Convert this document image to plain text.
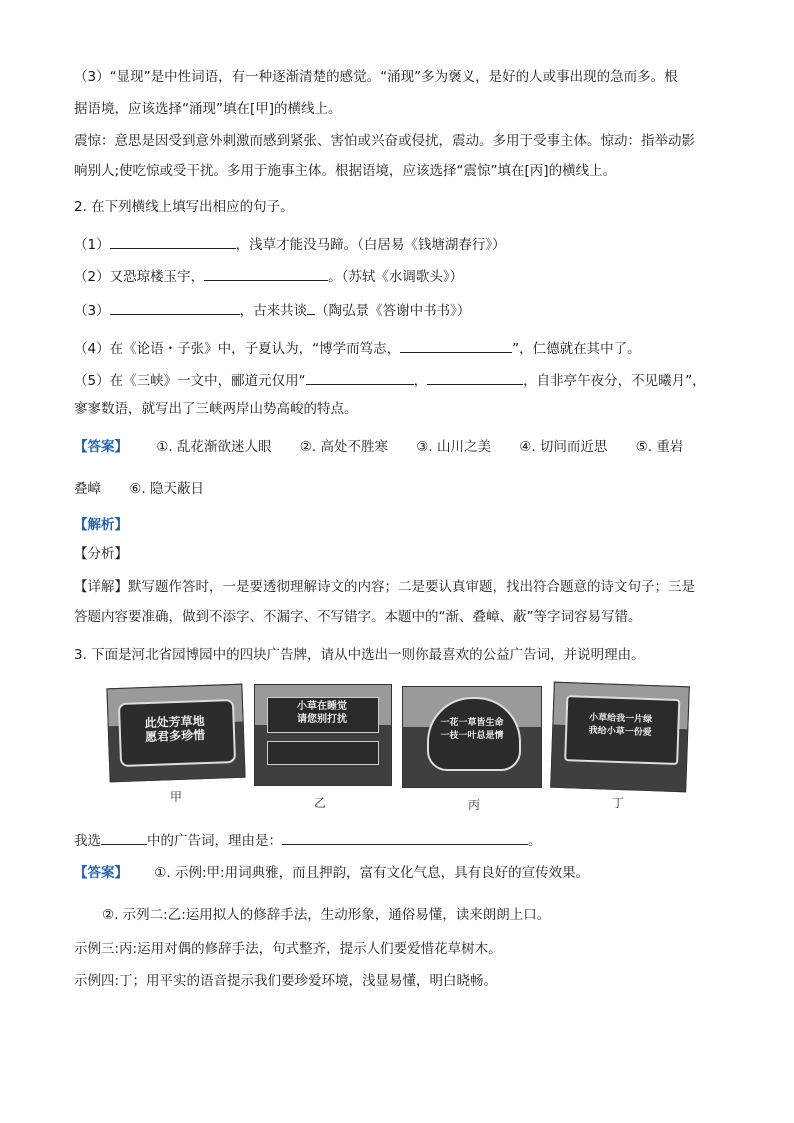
（3）“显现”是中性词语，有一种逐渐清楚的感觉。“涌现”多为褒义，是好的人或事出现的急而多。根
据语境，应该选择“涌现”填在[甲]的横线上。
震惊：意思是因受到意外刺激而感到紧张、害怕或兴奋或侵扰，震动。多用于受事主体。惊动：指举动影
响别人;使吃惊或受干扰。多用于施事主体。根据语境，应该选择“震惊”填在[丙]的横线上。
2. 在下列横线上填写出相应的句子。
（1）	，浅草才能没马蹄。（白居易《钱塘湖春行》）
（2）又恐琼楼玉宇，	。（苏轼《水调歌头》）
（3）	，古来共谈 （陶弘景《答谢中书书》）
（4）在《论语・子张》中，子夏认为，“博学而笃志，	”，仁德就在其中了。
（5）在《三峡》一文中，郦道元仅用“	，	，自非亭午夜分，不见曦月”，
寥寥数语，就写出了三峡两岸山势高峻的特点。
【答案】 ①. 乱花渐欲迷人眼 ②. 高处不胜寒 ③. 山川之美 ④. 切问而近思 ⑤. 重岩
叠嶂 ⑥. 隐天蔽日
【解析】
【分析】
【详解】默写题作答时，一是要透彻理解诗文的内容；二是要认真审题，找出符合题意的诗文句子；三是
答题内容要准确，做到不添字、不漏字、不写错字。本题中的“渐、叠嶂、蔽”等字词容易写错。
3. 下面是河北省园博园中的四块广告牌，请从中选出一则你最喜欢的公益广告词，并说明理由。
此处芳草地
愿君多珍惜
小草在睡觉
请您别打扰	一花一草皆生命
一枝一叶总是情
小草给我一片绿
我给小草一份爱
甲	乙	丙	丁
我选	中的广告词，理由是：	。
【答案】 ①. 示例:甲:用词典雅，而且押韵，富有文化气息，具有良好的宣传效果。
②. 示列二:乙:运用拟人的修辞手法，生动形象，通俗易懂，读来朗朗上口。
示例三:丙:运用对偶的修辞手法，句式整齐，提示人们要爱惜花草树木。
示例四:丁；用平实的语音提示我们要珍爱环境，浅显易懂，明白晓畅。
